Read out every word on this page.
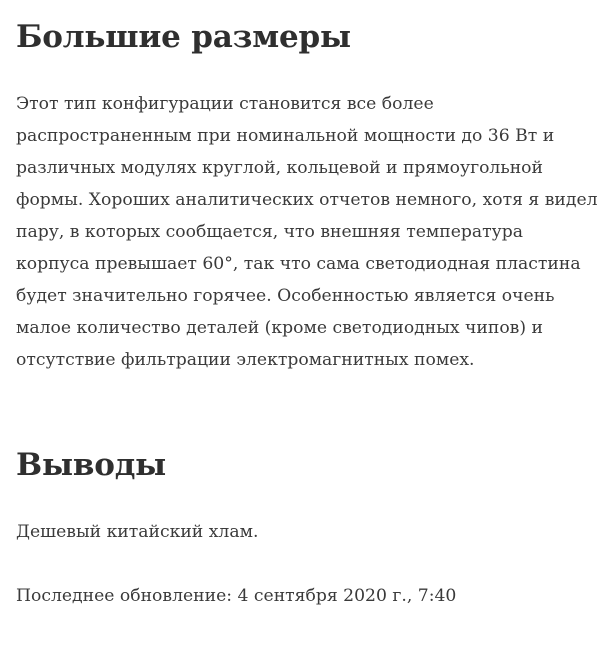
Большие размеры

Этот тип конфигурации становится все более распространенным при номинальной мощности до 36 Вт и различных модулях круглой, кольцевой и прямоугольной формы. Хороших аналитических отчетов немного, хотя я видел пару, в которых сообщается, что внешняя температура корпуса превышает 60°, так что сама светодиодная пластина будет значительно горячее. Особенностью является очень малое количество деталей (кроме светодиодных чипов) и отсутствие фильтрации электромагнитных помех.

Выводы

Дешевый китайский хлам.

Последнее обновление: 4 сентября 2020 г., 7:40
